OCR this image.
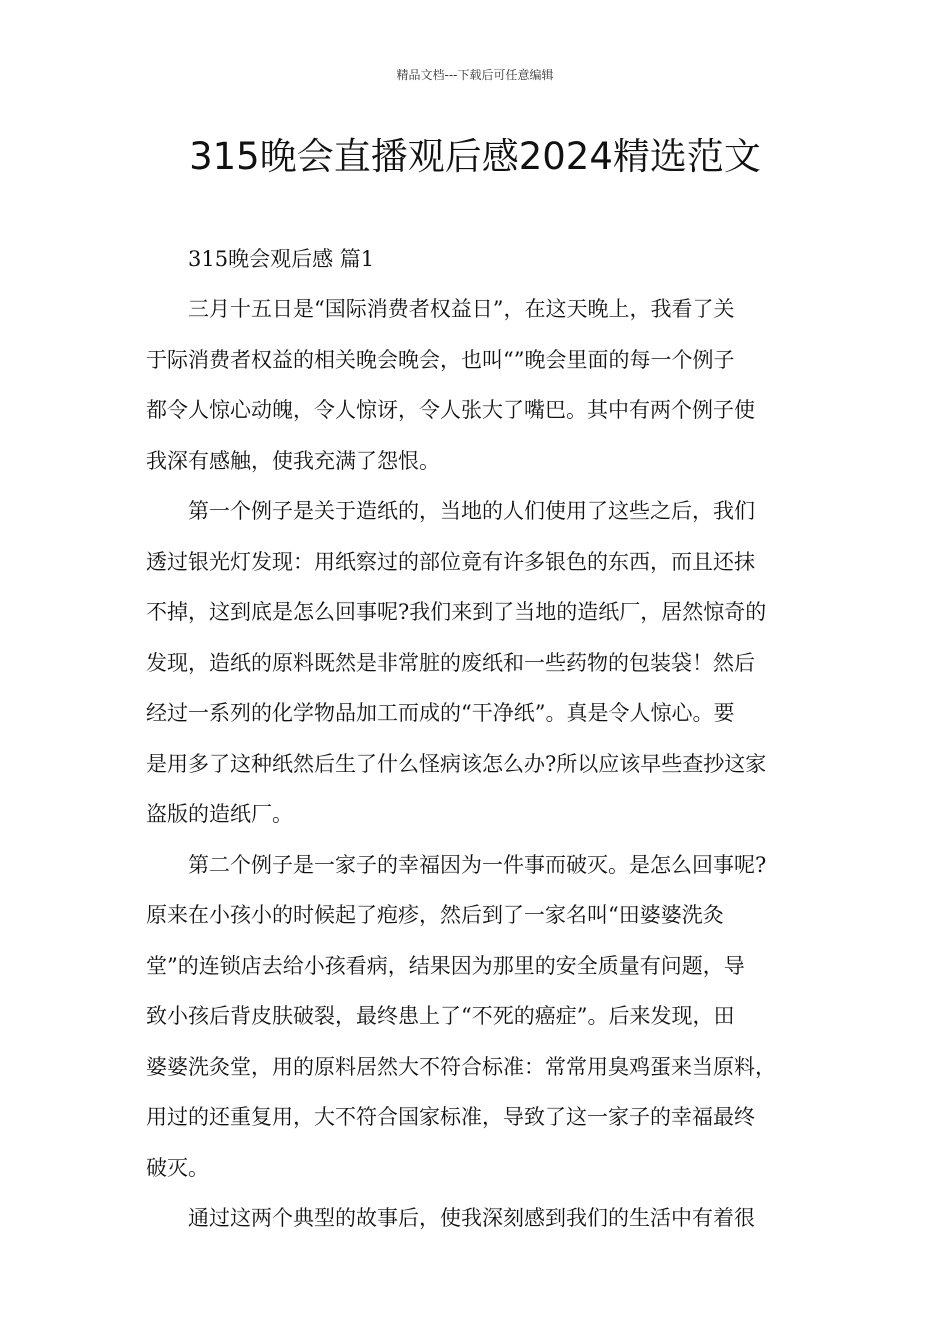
精品文档---下载后可任意编辑
315晚会直播观后感2024精选范文

315晚会观后感 篇1

三月十五日是“国际消费者权益日”，在这天晚上，我看了关
于际消费者权益的相关晚会晚会，也叫“”晚会里面的每一个例子
都令人惊心动魄，令人惊讶，令人张大了嘴巴。其中有两个例子使
我深有感触，使我充满了怨恨。

第一个例子是关于造纸的，当地的人们使用了这些之后，我们
透过银光灯发现：用纸察过的部位竟有许多银色的东西，而且还抹
不掉，这到底是怎么回事呢?我们来到了当地的造纸厂，居然惊奇的
发现，造纸的原料既然是非常脏的废纸和一些药物的包装袋！然后
经过一系列的化学物品加工而成的“干净纸”。真是令人惊心。要
是用多了这种纸然后生了什么怪病该怎么办?所以应该早些查抄这家
盗版的造纸厂。

第二个例子是一家子的幸福因为一件事而破灭。是怎么回事呢?
原来在小孩小的时候起了疱疹，然后到了一家名叫“田婆婆洗灸
堂”的连锁店去给小孩看病，结果因为那里的安全质量有问题，导
致小孩后背皮肤破裂，最终患上了“不死的癌症”。后来发现，田
婆婆洗灸堂，用的原料居然大不符合标准：常常用臭鸡蛋来当原料，
用过的还重复用，大不符合国家标准，导致了这一家子的幸福最终
破灭。

通过这两个典型的故事后，使我深刻感到我们的生活中有着很
